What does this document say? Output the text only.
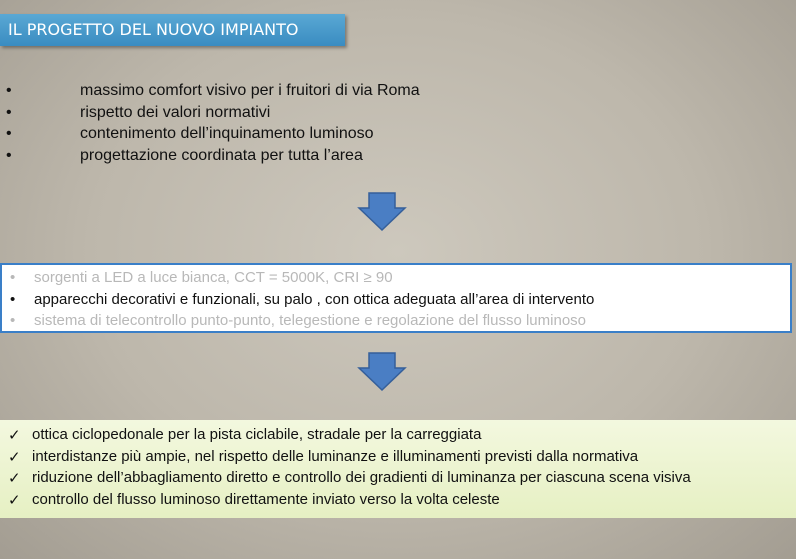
IL PROGETTO DEL NUOVO IMPIANTO
•	massimo comfort visivo per i fruitori di via Roma
•	rispetto dei valori normativi
•	contenimento dell’inquinamento luminoso
•	progettazione coordinata per tutta l’area
•	sorgenti a LED a luce bianca, CCT = 5000K, CRI ≥ 90
•	apparecchi decorativi e funzionali, su palo , con ottica adeguata all’area di intervento
•	sistema di telecontrollo punto-punto, telegestione e regolazione del flusso luminoso
✓ ottica ciclopedonale per la pista ciclabile, stradale per la carreggiata
✓ interdistanze più ampie, nel rispetto delle luminanze e illuminamenti previsti dalla normativa
✓ riduzione dell’abbagliamento diretto e controllo dei gradienti di luminanza per ciascuna scena visiva
✓ controllo del flusso luminoso direttamente inviato verso la volta celeste
